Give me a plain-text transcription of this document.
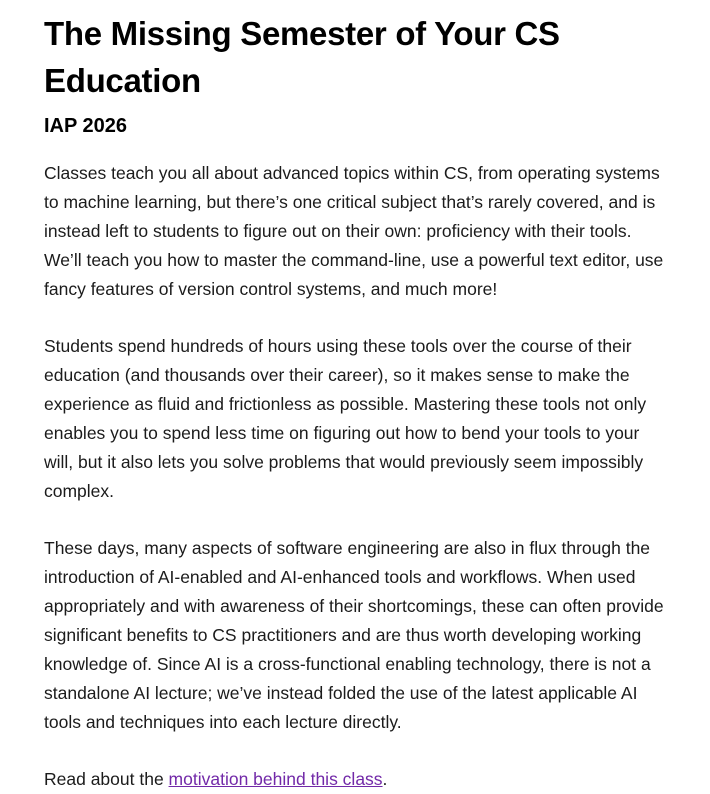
The Missing Semester of Your CS Education
IAP 2026

Classes teach you all about advanced topics within CS, from operating systems to machine learning, but there’s one critical subject that’s rarely covered, and is instead left to students to figure out on their own: proficiency with their tools. We’ll teach you how to master the command-line, use a powerful text editor, use fancy features of version control systems, and much more!

Students spend hundreds of hours using these tools over the course of their education (and thousands over their career), so it makes sense to make the experience as fluid and frictionless as possible. Mastering these tools not only enables you to spend less time on figuring out how to bend your tools to your will, but it also lets you solve problems that would previously seem impossibly complex.

These days, many aspects of software engineering are also in flux through the introduction of AI-enabled and AI-enhanced tools and workflows. When used appropriately and with awareness of their shortcomings, these can often provide significant benefits to CS practitioners and are thus worth developing working knowledge of. Since AI is a cross-functional enabling technology, there is not a standalone AI lecture; we’ve instead folded the use of the latest applicable AI tools and techniques into each lecture directly.

Read about the motivation behind this class.
